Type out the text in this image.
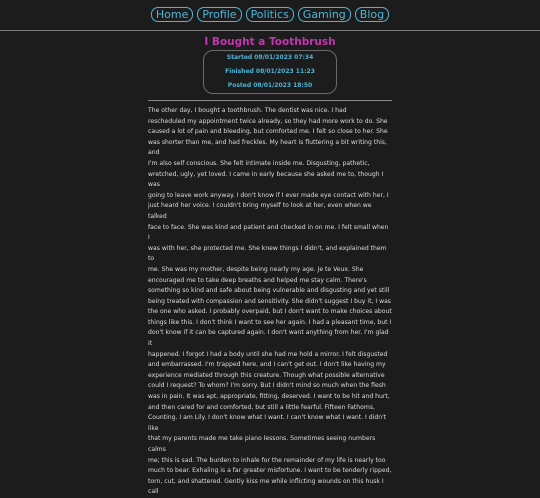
Home	Profile	Politics	Gaming	Blog
I Bought a Toothbrush
Started 08/01/2023 07:34
Finished 08/01/2023 11:23
Posted 08/01/2023 18:50

The other day, I bought a toothbrush. The dentist was nice. I had
rescheduled my appointment twice already, so they had more work to do. She
caused a lot of pain and bleeding, but comforted me. I felt so close to her. She
was shorter than me, and had freckles. My heart is fluttering a bit writing this, and
I'm also self conscious. She felt intimate inside me. Disgusting, pathetic,
wretched, ugly, yet loved. I came in early because she asked me to, though I was
going to leave work anyway. I don't know if I ever made eye contact with her, I
just heard her voice. I couldn't bring myself to look at her, even when we talked
face to face. She was kind and patient and checked in on me. I felt small when I
was with her, she protected me. She knew things I didn't, and explained them to
me. She was my mother, despite being nearly my age. Je te Veux. She
encouraged me to take deep breaths and helped me stay calm. There's
something so kind and safe about being vulnerable and disgusting and yet still
being treated with compassion and sensitivity. She didn't suggest I buy it, I was
the one who asked. I probably overpaid, but I don't want to make choices about
things like this. I don't think I want to see her again. I had a pleasant time, but I
don't know if it can be captured again. I don't want anything from her. I'm glad it
happened. I forgot I had a body until she had me hold a mirror. I felt disgusted
and embarrassed. I'm trapped here, and I can't get out. I don't like having my
experience mediated through this creature. Though what possible alternative
could I request? To whom? I'm sorry. But I didn't mind so much when the flesh
was in pain. It was apt, appropriate, fitting, deserved. I want to be hit and hurt,
and then cared for and comforted, but still a little fearful. Fifteen Fathoms,
Counting. I am Lily. I don't know what I want. I can't know what I want. I didn't like
that my parents made me take piano lessons. Sometimes seeing numbers calms
me; this is sad. The burden to inhale for the remainder of my life is nearly too
much to bear. Exhaling is a far greater misfortune. I want to be tenderly ripped,
torn, cut, and shattered. Gently kiss me while inflicting wounds on this husk I call
